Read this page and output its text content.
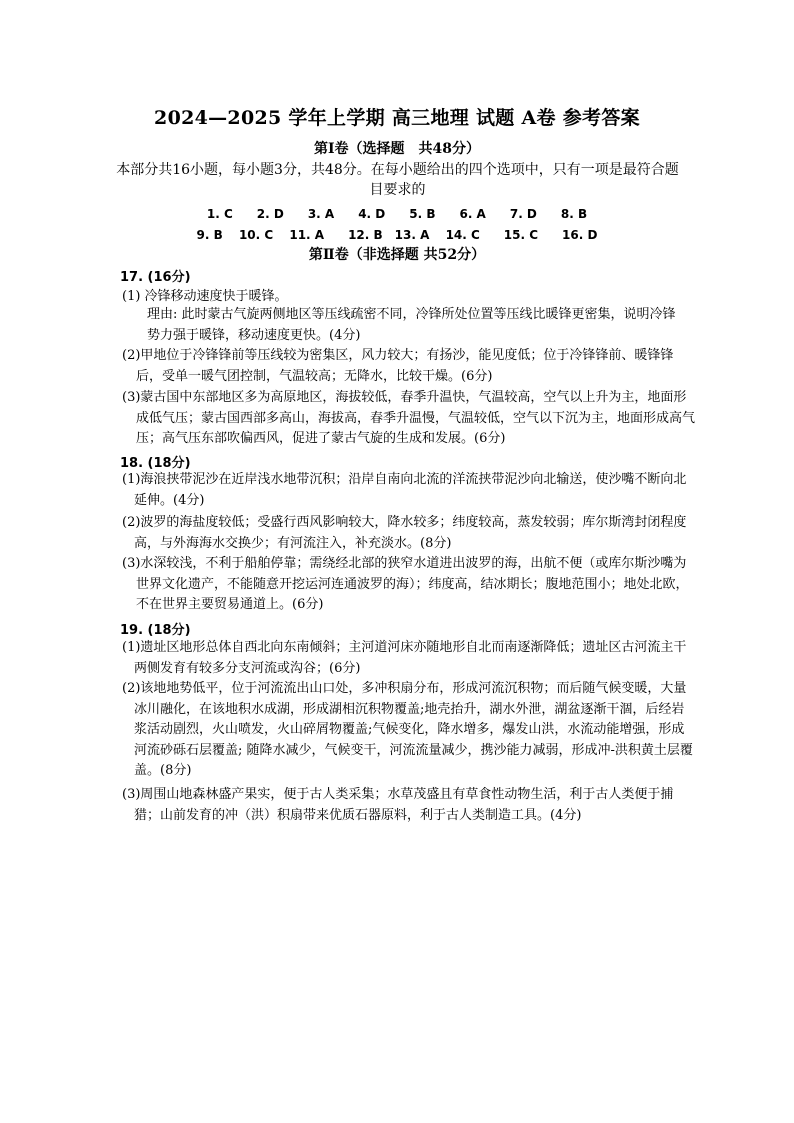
2024—2025 学年上学期 高三地理 试题 A卷 参考答案
第Ⅰ卷（选择题　共48分）
本部分共16小题，每小题3分，共48分。在每小题给出的四个选项中，只有一项是最符合题目要求的
1. C　　2. D　　3. A　　4. D　　5. B　　6. A　　7. D　　8. B
9. B　 10. C　 11. A　　12. B　13. A　 14. C　　15. C　　16. D
第Ⅱ卷（非选择题 共52分）
17. (16分)
(1) 冷锋移动速度快于暖锋。
理由: 此时蒙古气旋两侧地区等压线疏密不同，冷锋所处位置等压线比暖锋更密集，说明冷锋势力强于暖锋，移动速度更快。(4分)
(2)甲地位于冷锋锋前等压线较为密集区，风力较大；有扬沙，能见度低；位于冷锋锋前、暖锋锋后，受单一暖气团控制，气温较高；无降水，比较干燥。(6分)
(3)蒙古国中东部地区多为高原地区，海拔较低，春季升温快，气温较高，空气以上升为主，地面形成低气压；蒙古国西部多高山，海拔高，春季升温慢，气温较低，空气以下沉为主，地面形成高气压；高气压东部吹偏西风，促进了蒙古气旋的生成和发展。(6分)
18. (18分)
(1)海浪挟带泥沙在近岸浅水地带沉积；沿岸自南向北流的洋流挟带泥沙向北输送，使沙嘴不断向北延伸。(4分)
(2)波罗的海盐度较低；受盛行西风影响较大，降水较多；纬度较高，蒸发较弱；库尔斯湾封闭程度高，与外海海水交换少；有河流注入，补充淡水。(8分)
(3)水深较浅，不利于船舶停靠；需绕经北部的狭窄水道进出波罗的海，出航不便（或库尔斯沙嘴为世界文化遗产，不能随意开挖运河连通波罗的海）；纬度高，结冰期长；腹地范围小；地处北欧，不在世界主要贸易通道上。(6分)
19. (18分)
(1)遗址区地形总体自西北向东南倾斜；主河道河床亦随地形自北而南逐渐降低；遗址区古河流主干两侧发育有较多分支河流或沟谷；(6分)
(2)该地地势低平，位于河流流出山口处，多冲积扇分布，形成河流沉积物；而后随气候变暖，大量冰川融化，在该地积水成湖，形成湖相沉积物覆盖;地壳抬升，湖水外泄，湖盆逐渐干涸，后经岩浆活动剧烈，火山喷发，火山碎屑物覆盖;气候变化，降水增多，爆发山洪，水流动能增强，形成河流砂砾石层覆盖; 随降水减少，气候变干，河流流量减少，携沙能力减弱，形成冲-洪积黄土层覆盖。(8分)
(3)周围山地森林盛产果实，便于古人类采集；水草茂盛且有草食性动物生活，利于古人类便于捕猎；山前发育的冲（洪）积扇带来优质石器原料，利于古人类制造工具。(4分)
